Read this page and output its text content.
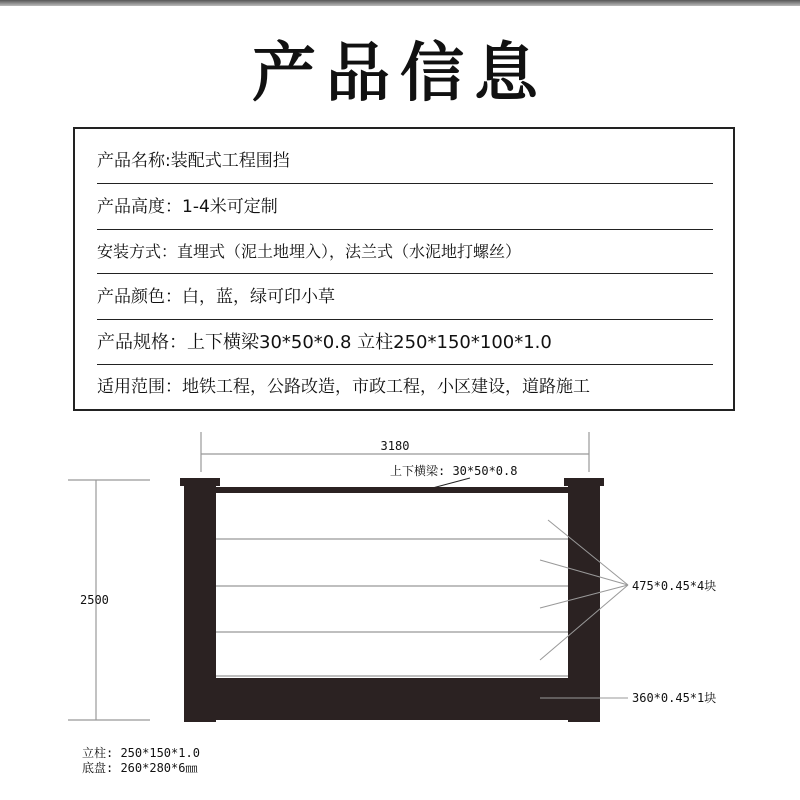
产品信息
产品名称:装配式工程围挡
产品高度：1-4米可定制
安装方式：直埋式（泥土地埋入），法兰式（水泥地打螺丝）
产品颜色：白，蓝，绿可印小草
产品规格：上下横梁30*50*0.8 立柱250*150*100*1.0
适用范围：地铁工程，公路改造，市政工程，小区建设，道路施工
3180
2500
上下横梁: 30*50*0.8
475*0.45*4块
360*0.45*1块
立柱: 250*150*1.0
底盘: 260*280*6㎜
